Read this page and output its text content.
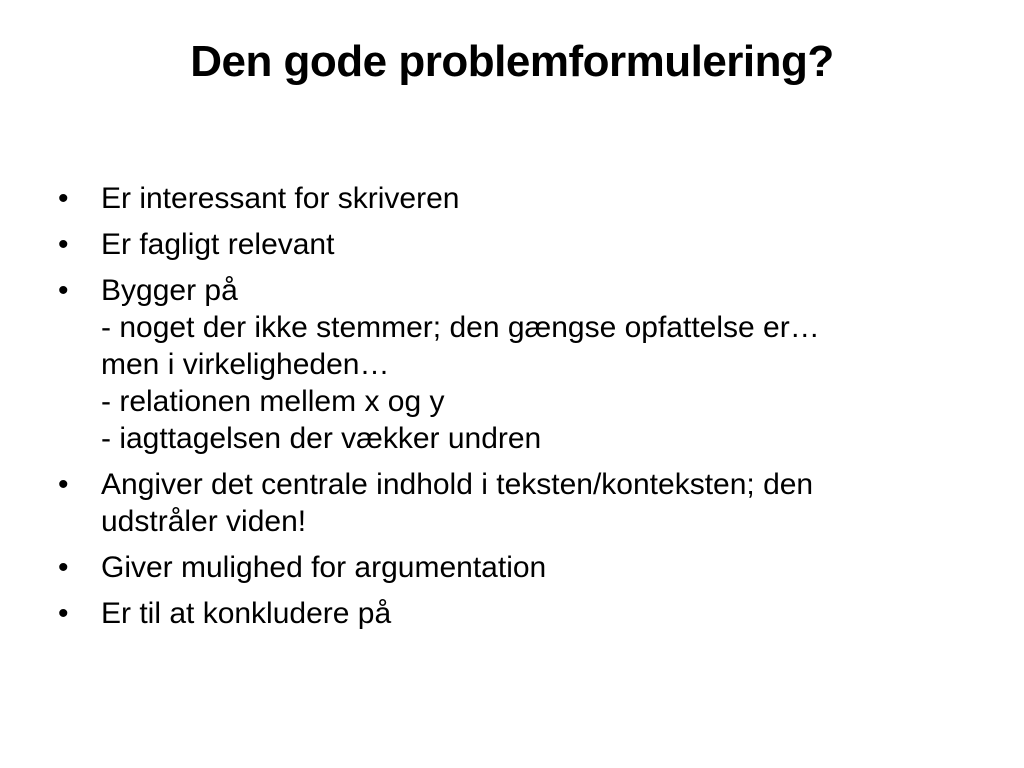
Den gode problemformulering?
•	Er interessant for skriveren
•	Er fagligt relevant
•	Bygger på
- noget der ikke stemmer; den gængse opfattelse er…
men i virkeligheden…
- relationen mellem x og y
- iagttagelsen der vækker undren
•	Angiver det centrale indhold i teksten/konteksten; den
udstråler viden!
•	Giver mulighed for argumentation
•	Er til at konkludere på
